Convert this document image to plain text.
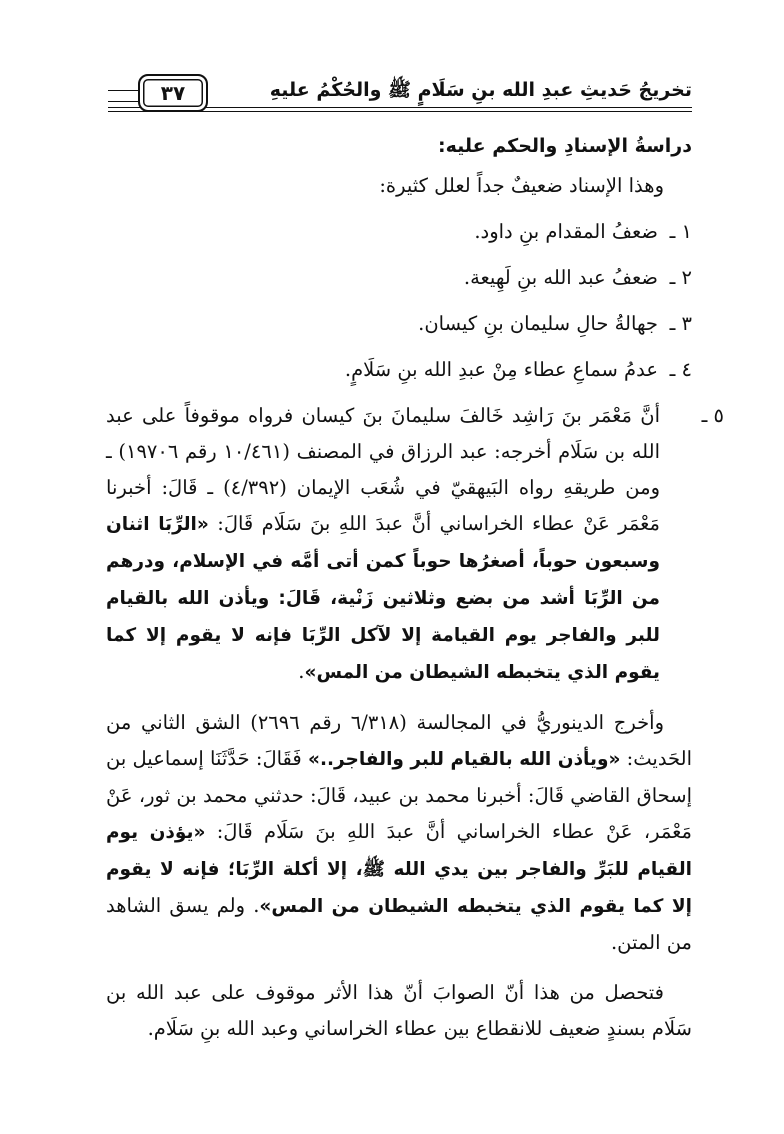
تخريجُ حَديثِ عبدِ الله بنِ سَلَامٍ ﷺ والحُكْمُ عليهِ
٣٧
دراسةُ الإسنادِ والحكم عليه:
وهذا الإسناد ضعيفٌ جداً لعلل كثيرة:
١ ـضعفُ المقدام بنِ داود.
٢ ـضعفُ عبد الله بنِ لَهِيعة.
٣ ـجهالةُ حالِ سليمان بنِ كيسان.
٤ ـعدمُ سماعِ عطاء مِنْ عبدِ الله بنِ سَلَامٍ.
٥ ـأنَّ مَعْمَر بنَ رَاشِد خَالفَ سليمانَ بنَ كيسان فرواه موقوفاً على عبد الله بن سَلَام أخرجه: عبد الرزاق في المصنف (١٠/٤٦١ رقم ١٩٧٠٦) ـ ومن طريقهِ رواه البَيهقيّ في شُعَب الإيمان (٤/٣٩٢) ـ قَالَ: أخبرنا مَعْمَر عَنْ عطاء الخراساني أنَّ عبدَ اللهِ بنَ سَلَام قَالَ: «الرِّبَا اثنان وسبعون حوباً، أصغرُها حوباً كمن أتى أمَّه في الإسلام، ودرهم من الرِّبَا أشد من بضع وثلاثين زَنْية، قَالَ: ويأذن الله بالقيام للبر والفاجر يوم القيامة إلا لآكل الرِّبَا فإنه لا يقوم إلا كما يقوم الذي يتخبطه الشيطان من المس».
وأخرج الدينوريُّ في المجالسة (٦/٣١٨ رقم ٢٦٩٦) الشق الثاني من الحَديث: «ويأذن الله بالقيام للبر والفاجر..» فَقَالَ: حَدَّثَنَا إسماعيل بن إسحاق القاضي قَالَ: أخبرنا محمد بن عبيد، قَالَ: حدثني محمد بن ثور، عَنْ مَعْمَر، عَنْ عطاء الخراساني أنَّ عبدَ اللهِ بنَ سَلَام قَالَ: «يؤذن يوم القيام للبَرِّ والفاجر بين يدي الله ﷺ، إلا أكلة الرِّبَا؛ فإنه لا يقوم إلا كما يقوم الذي يتخبطه الشيطان من المس». ولم يسق الشاهد من المتن.
فتحصل من هذا أنّ الصوابَ أنّ هذا الأثر موقوف على عبد الله بن سَلَام بسندٍ ضعيف للانقطاع بين عطاء الخراساني وعبد الله بنِ سَلَام.
